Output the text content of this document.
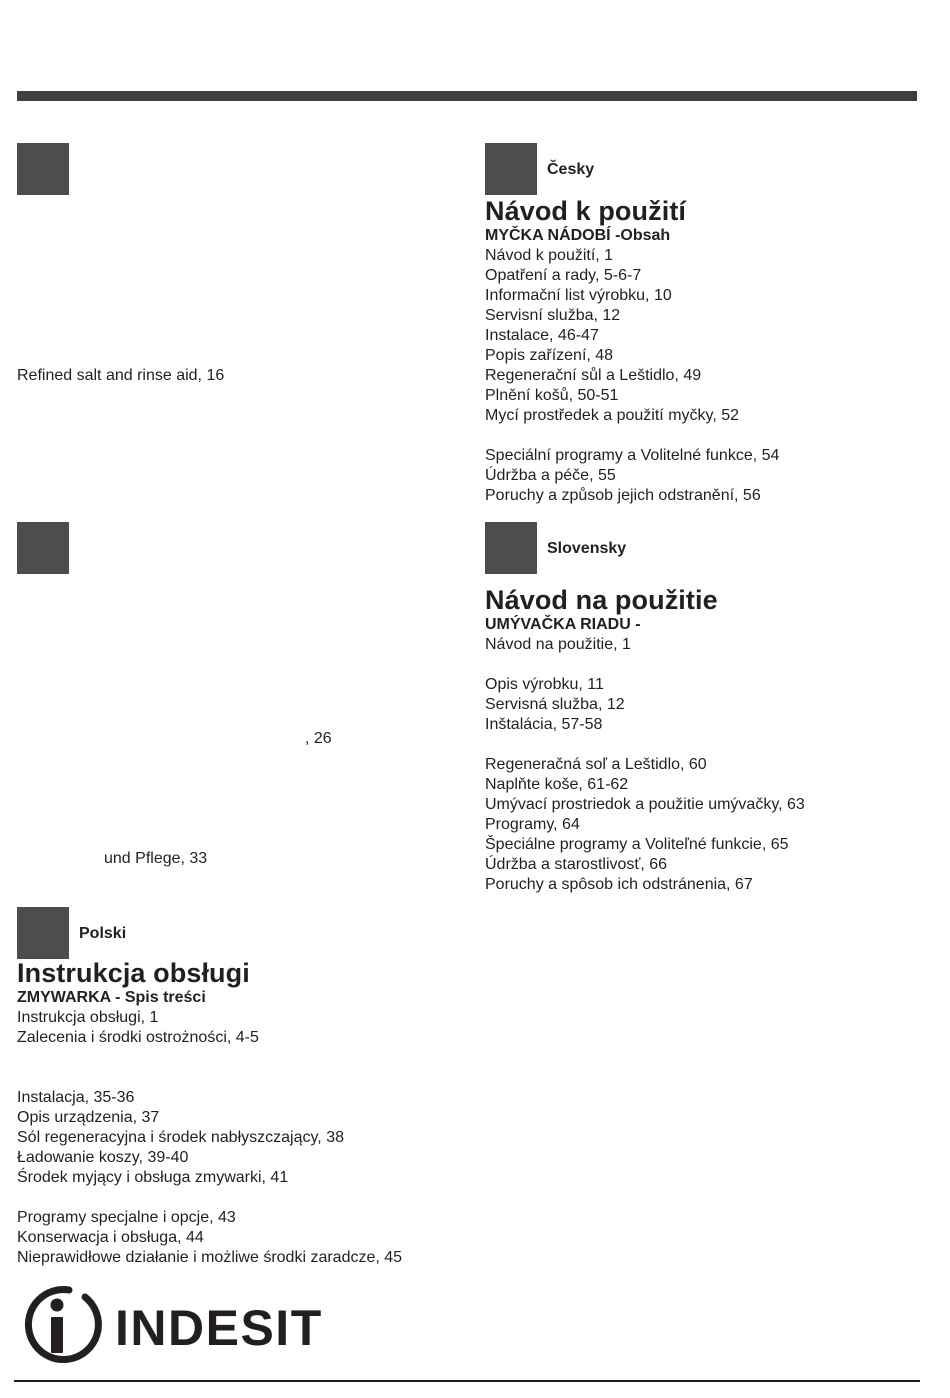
Refined salt and rinse aid, 16
, 26
und Pflege, 33
Česky
Návod k použití
MYČKA NÁDOBÍ -Obsah
Návod k použití, 1
Opatření a rady, 5-6-7
Informační list výrobku, 10
Servisní služba, 12
Instalace, 46-47
Popis zařízení, 48
Regenerační sůl a Leštidlo, 49
Plnění košů, 50-51
Mycí prostředek a použití myčky, 52
Speciální programy a Volitelné funkce, 54
Údržba a péče, 55
Poruchy a způsob jejich odstranění, 56
Slovensky
Návod na použitie
UMÝVAČKA RIADU -
Návod na použitie, 1
Opis výrobku, 11
Servisná služba, 12
Inštalácia, 57-58
Regeneračná soľ a Leštidlo, 60
Naplňte koše, 61-62
Umývací prostriedok a použitie umývačky, 63
Programy, 64
Špeciálne programy a Voliteľné funkcie, 65
Údržba a starostlivosť, 66
Poruchy a spôsob ich odstránenia, 67
Polski
Instrukcja obsługi
ZMYWARKA - Spis treści
Instrukcja obsługi, 1
Zalecenia i środki ostrożności, 4-5
Instalacja, 35-36
Opis urządzenia, 37
Sól regeneracyjna i środek nabłyszczający, 38
Ładowanie koszy, 39-40
Środek myjący i obsługa zmywarki, 41
Programy specjalne i opcje, 43
Konserwacja i obsługa, 44
Nieprawidłowe działanie i możliwe środki zaradcze, 45
INDESIT
